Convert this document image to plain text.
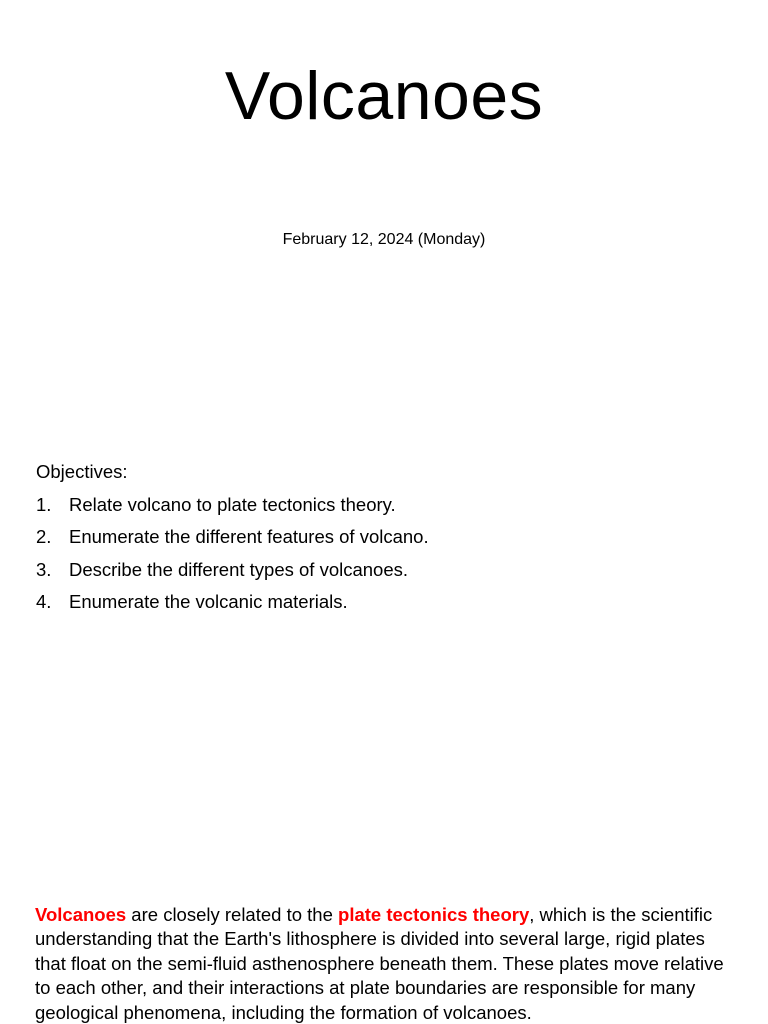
Volcanoes
February 12, 2024 (Monday)
Objectives:
1. Relate volcano to plate tectonics theory.
2. Enumerate the different features of volcano.
3. Describe the different types of volcanoes.
4. Enumerate the volcanic materials.

Volcanoes are closely related to the plate tectonics theory, which is the scientific understanding that the Earth's lithosphere is divided into several large, rigid plates that float on the semi-fluid asthenosphere beneath them. These plates move relative to each other, and their interactions at plate boundaries are responsible for many geological phenomena, including the formation of volcanoes.
